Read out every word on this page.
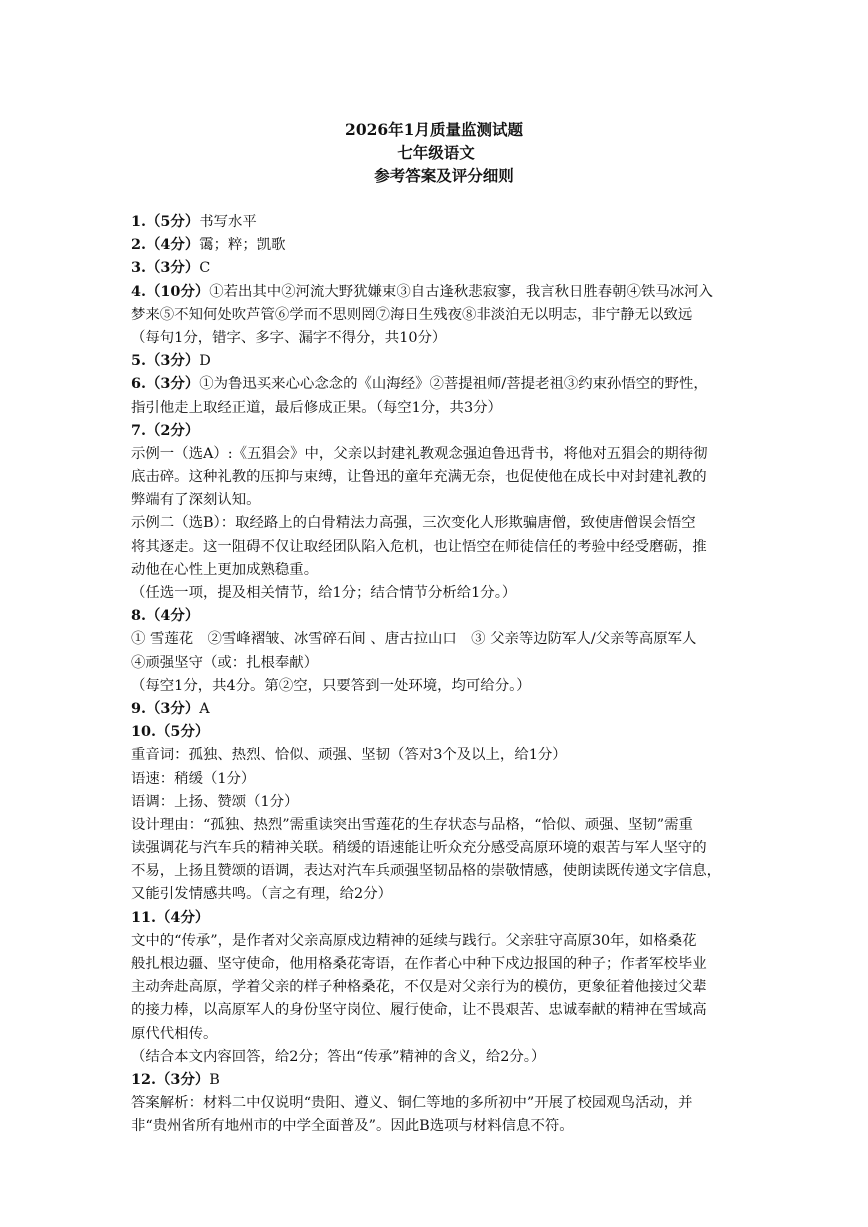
2026年1月质量监测试题
七年级语文
参考答案及评分细则
1.（5分）书写水平
2.（4分）霭；粹；凯歌
3.（3分）C
4.（10分）①若出其中②河流大野犹嫌束③自古逢秋悲寂寥，我言秋日胜春朝④铁马冰河入
梦来⑤不知何处吹芦管⑥学而不思则罔⑦海日生残夜⑧非淡泊无以明志，非宁静无以致远
（每句1分，错字、多字、漏字不得分，共10分）
5.（3分）D
6.（3分）①为鲁迅买来心心念念的《山海经》②菩提祖师/菩提老祖③约束孙悟空的野性，
指引他走上取经正道，最后修成正果。（每空1分，共3分）
7.（2分）
示例一（选A）:《五猖会》中，父亲以封建礼教观念强迫鲁迅背书，将他对五猖会的期待彻
底击碎。这种礼教的压抑与束缚，让鲁迅的童年充满无奈，也促使他在成长中对封建礼教的
弊端有了深刻认知。
示例二（选B）：取经路上的白骨精法力高强，三次变化人形欺骗唐僧，致使唐僧误会悟空
将其逐走。这一阻碍不仅让取经团队陷入危机，也让悟空在师徒信任的考验中经受磨砺，推
动他在心性上更加成熟稳重。
（任选一项，提及相关情节，给1分；结合情节分析给1分。）
8.（4分）
① 雪莲花　②雪峰褶皱、冰雪碎石间 、唐古拉山口　③ 父亲等边防军人/父亲等高原军人
④顽强坚守（或：扎根奉献）
（每空1分，共4分。第②空，只要答到一处环境，均可给分。）
9.（3分）A
10.（5分）
重音词：孤独、热烈、恰似、顽强、坚韧（答对3个及以上，给1分）
语速：稍缓（1分）
语调：上扬、赞颂（1分）
设计理由：“孤独、热烈”需重读突出雪莲花的生存状态与品格，“恰似、顽强、坚韧”需重
读强调花与汽车兵的精神关联。稍缓的语速能让听众充分感受高原环境的艰苦与军人坚守的
不易，上扬且赞颂的语调，表达对汽车兵顽强坚韧品格的崇敬情感，使朗读既传递文字信息，
又能引发情感共鸣。（言之有理，给2分）
11.（4分）
文中的“传承”，是作者对父亲高原戍边精神的延续与践行。父亲驻守高原30年，如格桑花
般扎根边疆、坚守使命，他用格桑花寄语，在作者心中种下戍边报国的种子；作者军校毕业
主动奔赴高原，学着父亲的样子种格桑花，不仅是对父亲行为的模仿，更象征着他接过父辈
的接力棒，以高原军人的身份坚守岗位、履行使命，让不畏艰苦、忠诚奉献的精神在雪域高
原代代相传。
（结合本文内容回答，给2分；答出“传承”精神的含义，给2分。）
12.（3分）B
答案解析：材料二中仅说明“贵阳、遵义、铜仁等地的多所初中”开展了校园观鸟活动，并
非“贵州省所有地州市的中学全面普及”。因此B选项与材料信息不符。
